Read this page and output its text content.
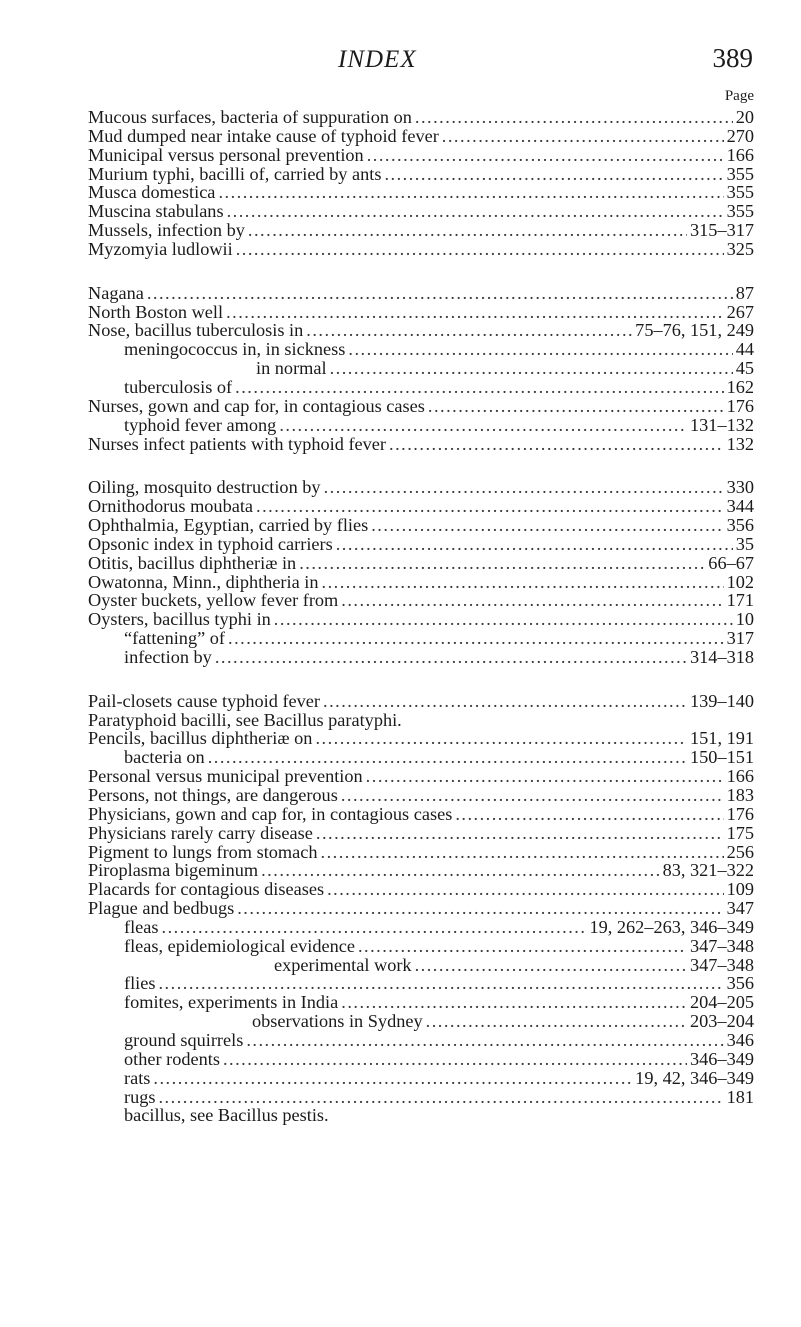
INDEX	389
Page
Mucous surfaces, bacteria of suppuration on .....	20
Mud dumped near intake cause of typhoid fever .....	270
Municipal versus personal prevention .....	166
Murium typhi, bacilli of, carried by ants .....	355
Musca domestica .....	355
Muscina stabulans .....	355
Mussels, infection by .....	315–317
Myzomyia ludlowii .....	325
Nagana .....	87
North Boston well .....	267
Nose, bacillus tuberculosis in .....	75–76, 151, 249
meningococcus in, in sickness .....	44
in normal .....	45
tuberculosis of .....	162
Nurses, gown and cap for, in contagious cases .....	176
typhoid fever among .....	131–132
Nurses infect patients with typhoid fever .....	132
Oiling, mosquito destruction by .....	330
Ornithodorus moubata .....	344
Ophthalmia, Egyptian, carried by flies .....	356
Opsonic index in typhoid carriers .....	35
Otitis, bacillus diphtheriæ in .....	66–67
Owatonna, Minn., diphtheria in .....	102
Oyster buckets, yellow fever from .....	171
Oysters, bacillus typhi in .....	10
“fattening” of .....	317
infection by .....	314–318
Pail-closets cause typhoid fever .....	139–140
Paratyphoid bacilli, see Bacillus paratyphi.
Pencils, bacillus diphtheriæ on .....	151, 191
bacteria on .....	150–151
Personal versus municipal prevention .....	166
Persons, not things, are dangerous .....	183
Physicians, gown and cap for, in contagious cases .....	176
Physicians rarely carry disease .....	175
Pigment to lungs from stomach .....	256
Piroplasma bigeminum .....	83, 321–322
Placards for contagious diseases .....	109
Plague and bedbugs .....	347
fleas .....	19, 262–263, 346–349
fleas, epidemiological evidence .....	347–348
experimental work .....	347–348
flies .....	356
fomites, experiments in India .....	204–205
observations in Sydney .....	203–204
ground squirrels .....	346
other rodents .....	346–349
rats .....	19, 42, 346–349
rugs .....	181
bacillus, see Bacillus pestis.
